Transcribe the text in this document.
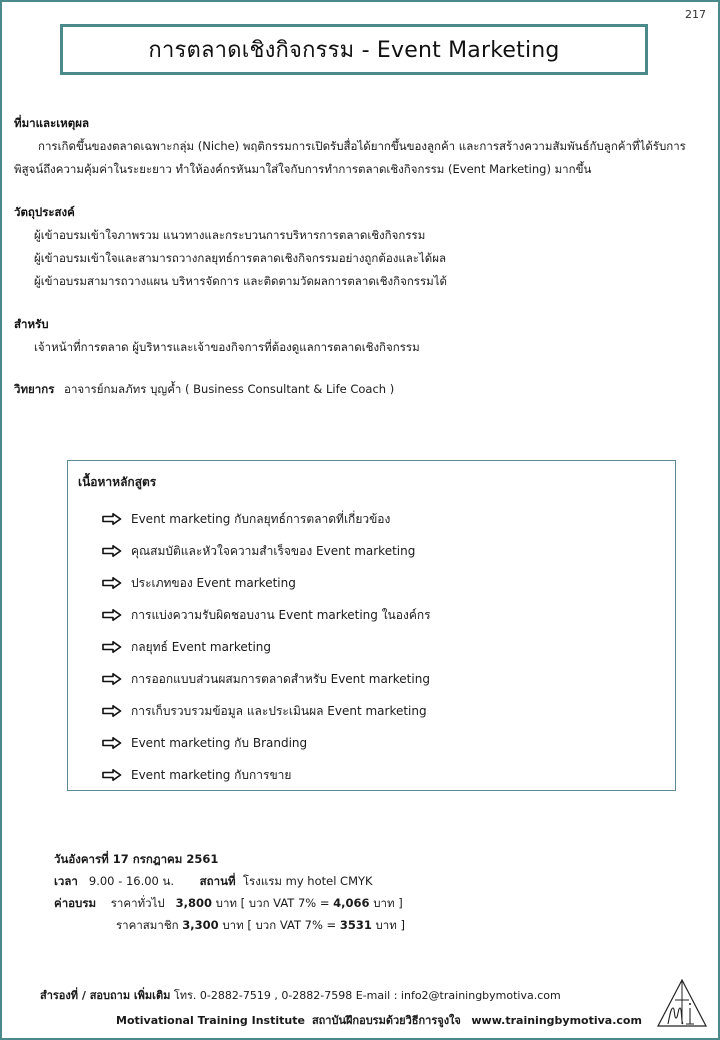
217
การตลาดเชิงกิจกรรม - Event Marketing
ที่มาและเหตุผล

การเกิดขึ้นของตลาดเฉพาะกลุ่ม (Niche) พฤติกรรมการเปิดรับสื่อได้ยากขึ้นของลูกค้า และการสร้างความสัมพันธ์กับลูกค้าที่ได้รับการพิสูจน์ถึงความคุ้มค่าในระยะยาว ทำให้องค์กรหันมาใส่ใจกับการทำการตลาดเชิงกิจกรรม (Event Marketing) มากขึ้น

วัตถุประสงค์
ผู้เข้าอบรมเข้าใจภาพรวม แนวทางและกระบวนการบริหารการตลาดเชิงกิจกรรม
ผู้เข้าอบรมเข้าใจและสามารถวางกลยุทธ์การตลาดเชิงกิจกรรมอย่างถูกต้องและได้ผล
ผู้เข้าอบรมสามารถวางแผน บริหารจัดการ และติดตามวัดผลการตลาดเชิงกิจกรรมได้
สำหรับ
เจ้าหน้าที่การตลาด ผู้บริหารและเจ้าของกิจการที่ต้องดูแลการตลาดเชิงกิจกรรม
วิทยากร อาจารย์กมลภัทร บุญค้ำ ( Business Consultant & Life Coach )
เนื้อหาหลักสูตร
Event marketing กับกลยุทธ์การตลาดที่เกี่ยวข้อง
คุณสมบัติและหัวใจความสำเร็จของ Event marketing
ประเภทของ Event marketing
การแบ่งความรับผิดชอบงาน Event marketing ในองค์กร
กลยุทธ์ Event marketing
การออกแบบส่วนผสมการตลาดสำหรับ Event marketing
การเก็บรวบรวมข้อมูล และประเมินผล Event marketing
Event marketing กับ Branding
Event marketing กับการขาย
วันอังคารที่ 17 กรกฎาคม 2561
เวลา 9.00 - 16.00 น. สถานที่ โรงแรม my hotel CMYK
ค่าอบรม ราคาทั่วไป 3,800 บาท [ บวก VAT 7% = 4,066 บาท ]
ราคาสมาชิก 3,300 บาท [ บวก VAT 7% = 3531 บาท ]
สำรองที่ / สอบถาม เพิ่มเติม โทร. 0-2882-7519 , 0-2882-7598 E-mail : info2@trainingbymotiva.com
Motivational Training Institute สถาบันฝึกอบรมด้วยวิธีการจูงใจ www.trainingbymotiva.com
